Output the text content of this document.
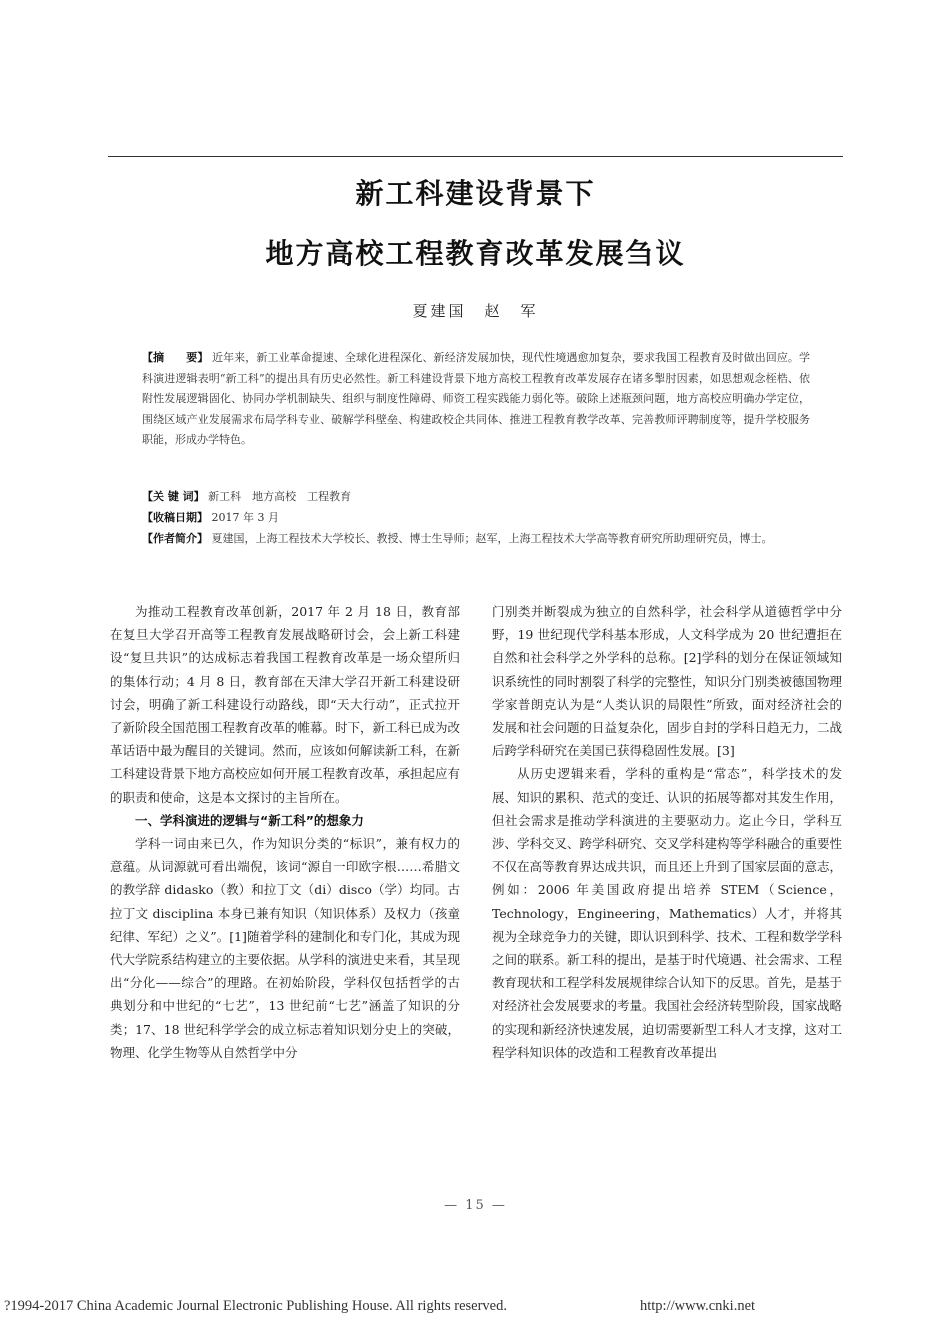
新工科建设背景下
地方高校工程教育改革发展刍议
夏建国　赵　军

【摘　　要】 近年来，新工业革命提速、全球化进程深化、新经济发展加快，现代性境遇愈加复杂，要求我国工程教育及时做出回应。学科演进逻辑表明“新工科”的提出具有历史必然性。新工科建设背景下地方高校工程教育改革发展存在诸多掣肘因素，如思想观念桎梏、依附性发展逻辑固化、协同办学机制缺失、组织与制度性障碍、师资工程实践能力弱化等。破除上述瓶颈问题，地方高校应明确办学定位，围绕区域产业发展需求布局学科专业、破解学科壁垒、构建政校企共同体、推进工程教育教学改革、完善教师评聘制度等，提升学校服务职能，形成办学特色。

【关 键 词】 新工科　地方高校　工程教育

【收稿日期】 2017 年 3 月

【作者简介】 夏建国，上海工程技术大学校长、教授、博士生导师；赵军，上海工程技术大学高等教育研究所助理研究员，博士。

为推动工程教育改革创新，2017 年 2 月 18 日，教育部在复旦大学召开高等工程教育发展战略研讨会，会上新工科建设“复旦共识”的达成标志着我国工程教育改革是一场众望所归的集体行动；4 月 8 日，教育部在天津大学召开新工科建设研讨会，明确了新工科建设行动路线，即“天大行动”，正式拉开了新阶段全国范围工程教育改革的帷幕。时下，新工科已成为改革话语中最为醒目的关键词。然而，应该如何解读新工科，在新工科建设背景下地方高校应如何开展工程教育改革，承担起应有的职责和使命，这是本文探讨的主旨所在。

一、学科演进的逻辑与“新工科”的想象力

学科一词由来已久，作为知识分类的“标识”，兼有权力的意蕴。从词源就可看出端倪，该词“源自一印欧字根……希腊文的教学辞 didasko（教）和拉丁文（di）disco（学）均同。古拉丁文 disciplina 本身已兼有知识（知识体系）及权力（孩童纪律、军纪）之义”。[1]随着学科的建制化和专门化，其成为现代大学院系结构建立的主要依据。从学科的演进史来看，其呈现出“分化——综合”的理路。在初始阶段，学科仅包括哲学的古典划分和中世纪的“七艺”，13 世纪前“七艺”涵盖了知识的分类；17、18 世纪科学学会的成立标志着知识划分史上的突破，物理、化学生物等从自然哲学中分

门别类并断裂成为独立的自然科学，社会科学从道德哲学中分野，19 世纪现代学科基本形成，人文科学成为 20 世纪遭拒在自然和社会科学之外学科的总称。[2]学科的划分在保证领域知识系统性的同时割裂了科学的完整性，知识分门别类被德国物理学家普朗克认为是“人类认识的局限性”所致，面对经济社会的发展和社会问题的日益复杂化，固步自封的学科日趋无力，二战后跨学科研究在美国已获得稳固性发展。[3]

从历史逻辑来看，学科的重构是“常态”，科学技术的发展、知识的累积、范式的变迁、认识的拓展等都对其发生作用，但社会需求是推动学科演进的主要驱动力。迄止今日，学科互涉、学科交叉、跨学科研究、交叉学科建构等学科融合的重要性不仅在高等教育界达成共识，而且还上升到了国家层面的意志，例如：2006 年美国政府提出培养 STEM（Science，Technology，Engineering，Mathematics）人才，并将其视为全球竞争力的关键，即认识到科学、技术、工程和数学学科之间的联系。新工科的提出，是基于时代境遇、社会需求、工程教育现状和工程学科发展规律综合认知下的反思。首先，是基于对经济社会发展要求的考量。我国社会经济转型阶段，国家战略的实现和新经济快速发展，迫切需要新型工科人才支撑，这对工程学科知识体的改造和工程教育改革提出

— 15 —
?1994-2017 China Academic Journal Electronic Publishing House. All rights reserved.	http://www.cnki.net
